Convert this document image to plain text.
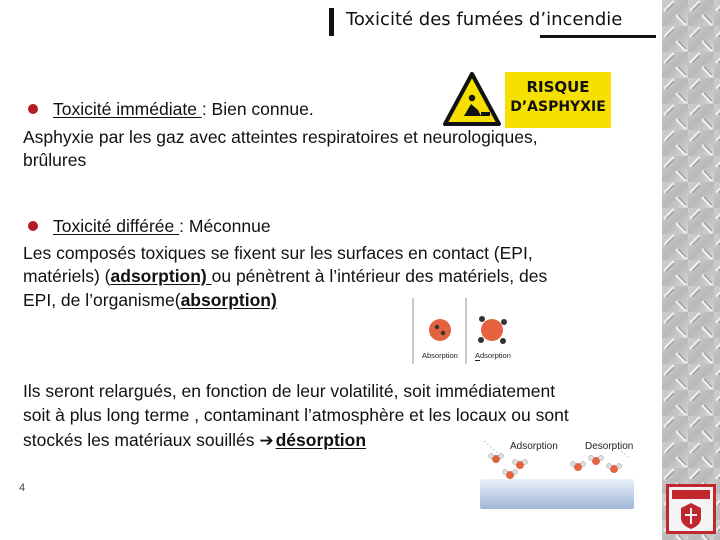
Toxicité des fumées d’incendie
RISQUE
D’ASPHYXIE
Toxicité immédiate : Bien connue.
Asphyxie par les gaz avec atteintes respiratoires et neurologiques,
brûlures
Toxicité différée : Méconnue
Les composés toxiques se fixent sur les surfaces en contact (EPI,
matériels) (adsorption) ou pénètrent à l’intérieur des matériels, des
EPI, de l’organisme(absorption)
Absorption Adsorption
Ils seront relargués, en fonction de leur volatilité, soit immédiatement
soit à plus long terme , contaminant l’atmosphère et les locaux ou sont
stockés les matériaux souillés ➔ désorption	Adsorption	Desorption
4
